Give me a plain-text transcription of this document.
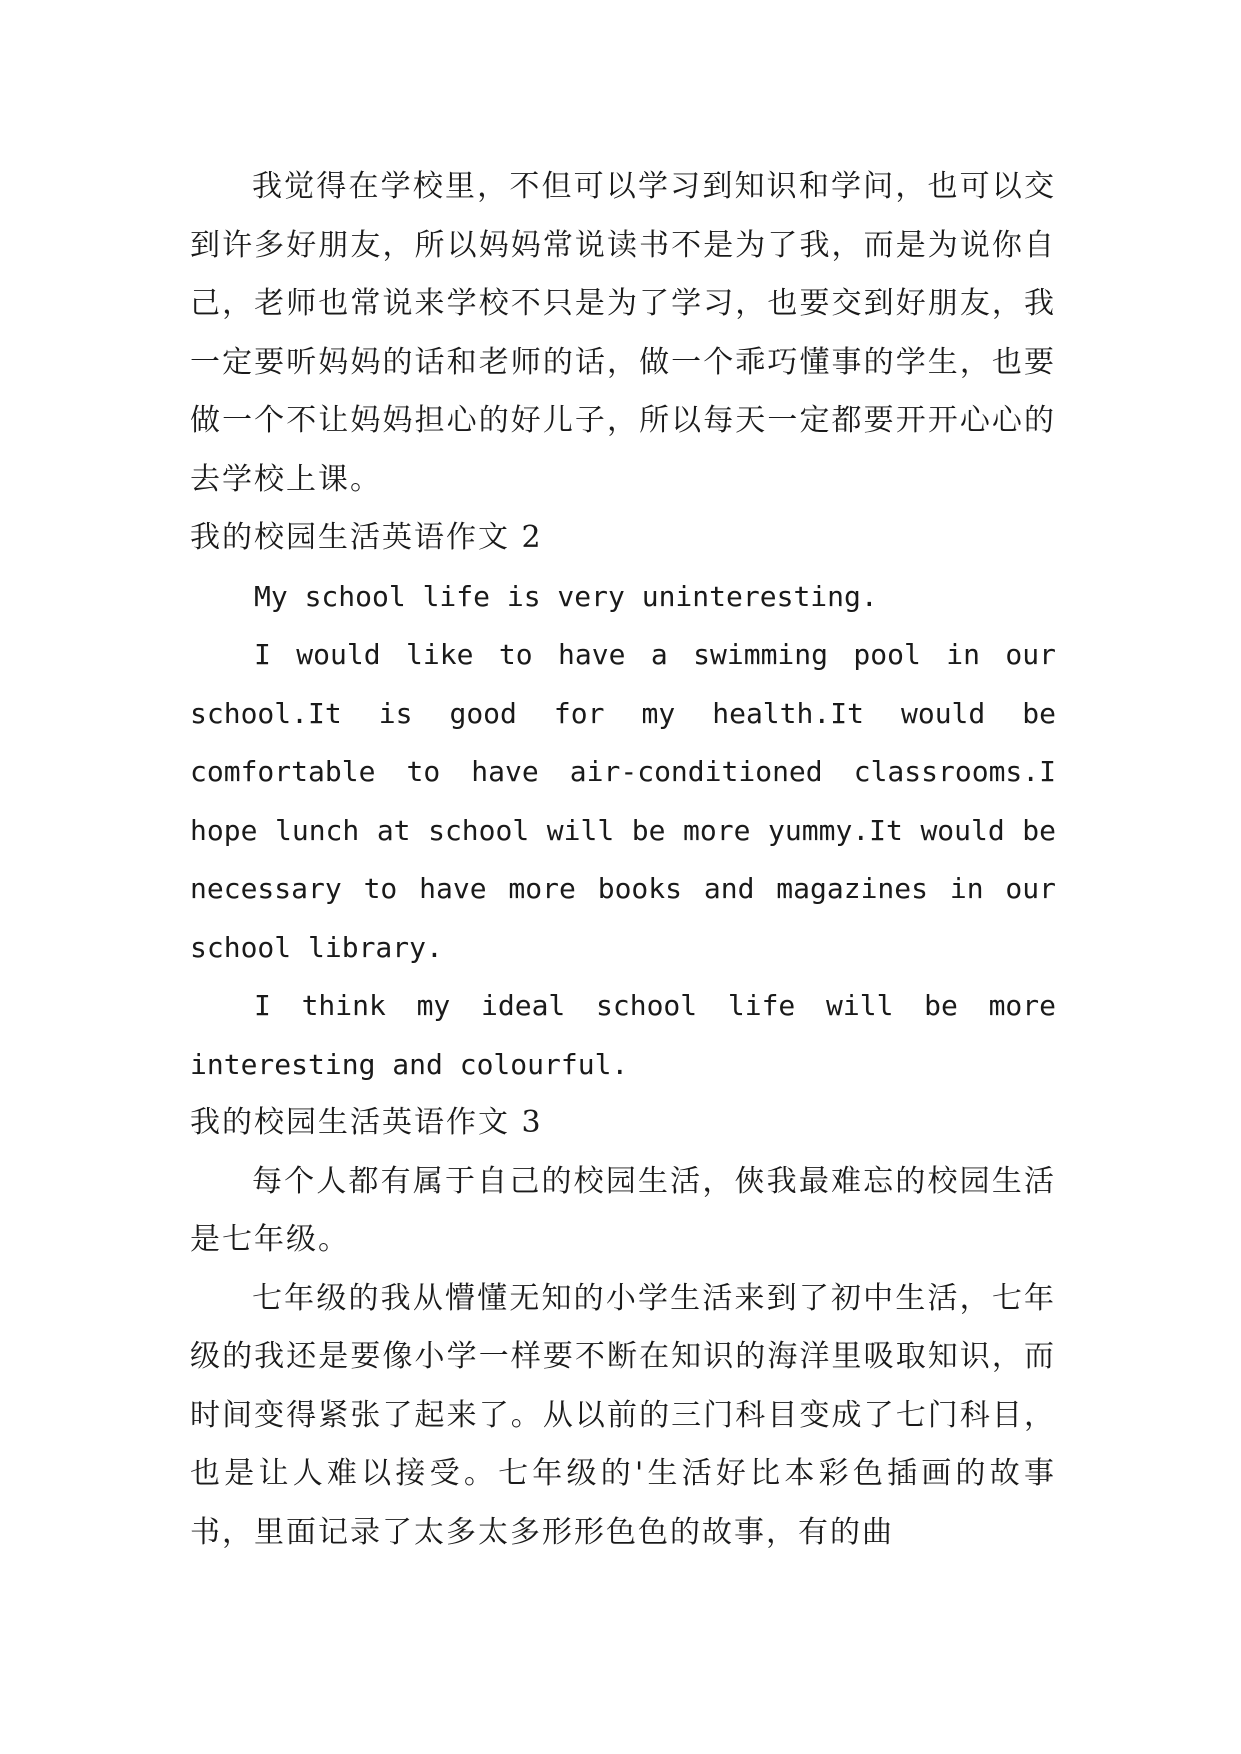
我觉得在学校里，不但可以学习到知识和学问，也可以交到许多好朋友，所以妈妈常说读书不是为了我，而是为说你自己，老师也常说来学校不只是为了学习，也要交到好朋友，我一定要听妈妈的话和老师的话，做一个乖巧懂事的学生，也要做一个不让妈妈担心的好儿子，所以每天一定都要开开心心的去学校上课。

我的校园生活英语作文 2

My school life is very uninteresting.

I would like to have a swimming pool in our school.It is good for my health.It would be comfortable to have air-conditioned classrooms.I hope lunch at school will be more yummy.It would be necessary to have more books and magazines in our school library.

I think my ideal school life will be more interesting and colourful.

我的校园生活英语作文 3

每个人都有属于自己的校园生活，俠我最难忘的校园生活是七年级。

七年级的我从懵懂无知的小学生活来到了初中生活，七年级的我还是要像小学一样要不断在知识的海洋里吸取知识，而时间变得紧张了起来了。从以前的三门科目变成了七门科目，也是让人难以接受。七年级的'生活好比本彩色插画的故事书，里面记录了太多太多形形色色的故事，有的曲
